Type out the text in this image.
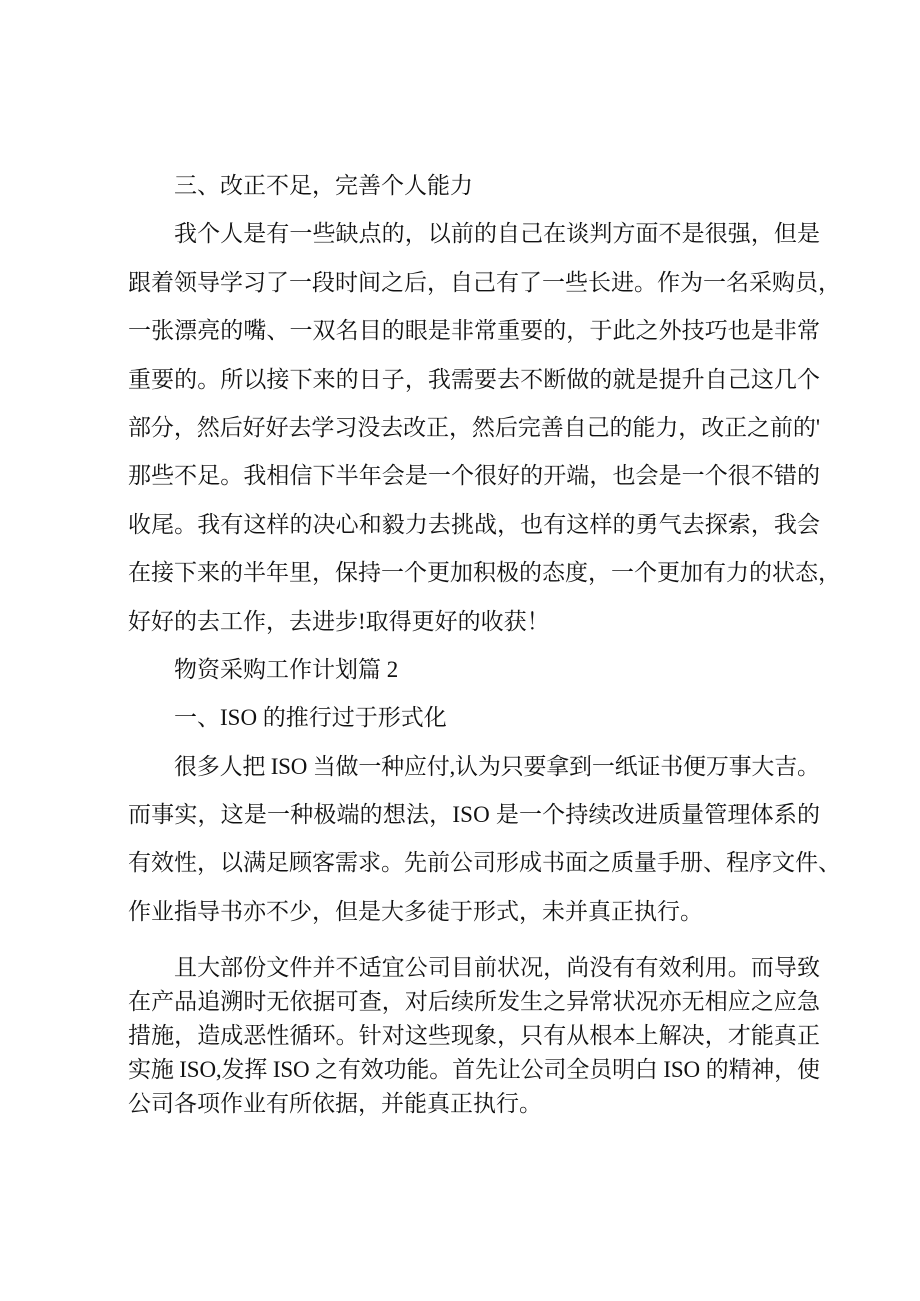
三、改正不足，完善个人能力
我个人是有一些缺点的，以前的自己在谈判方面不是很强，但是
跟着领导学习了一段时间之后，自己有了一些长进。作为一名采购员，
一张漂亮的嘴、一双名目的眼是非常重要的，于此之外技巧也是非常
重要的。所以接下来的日子，我需要去不断做的就是提升自己这几个
部分，然后好好去学习没去改正，然后完善自己的能力，改正之前的'
那些不足。我相信下半年会是一个很好的开端，也会是一个很不错的
收尾。我有这样的决心和毅力去挑战，也有这样的勇气去探索，我会
在接下来的半年里，保持一个更加积极的态度，一个更加有力的状态，
好好的去工作，去进步!取得更好的收获！
物资采购工作计划篇 2
一、ISO 的推行过于形式化
很多人把 ISO 当做一种应付,认为只要拿到一纸证书便万事大吉。
而事实，这是一种极端的想法，ISO 是一个持续改进质量管理体系的
有效性，以满足顾客需求。先前公司形成书面之质量手册、程序文件、
作业指导书亦不少，但是大多徒于形式，未并真正执行。
且大部份文件并不适宜公司目前状况，尚没有有效利用。而导致
在产品追溯时无依据可查，对后续所发生之异常状况亦无相应之应急
措施，造成恶性循环。针对这些现象，只有从根本上解决，才能真正
实施 ISO,发挥 ISO 之有效功能。首先让公司全员明白 ISO 的精神，使
公司各项作业有所依据，并能真正执行。
